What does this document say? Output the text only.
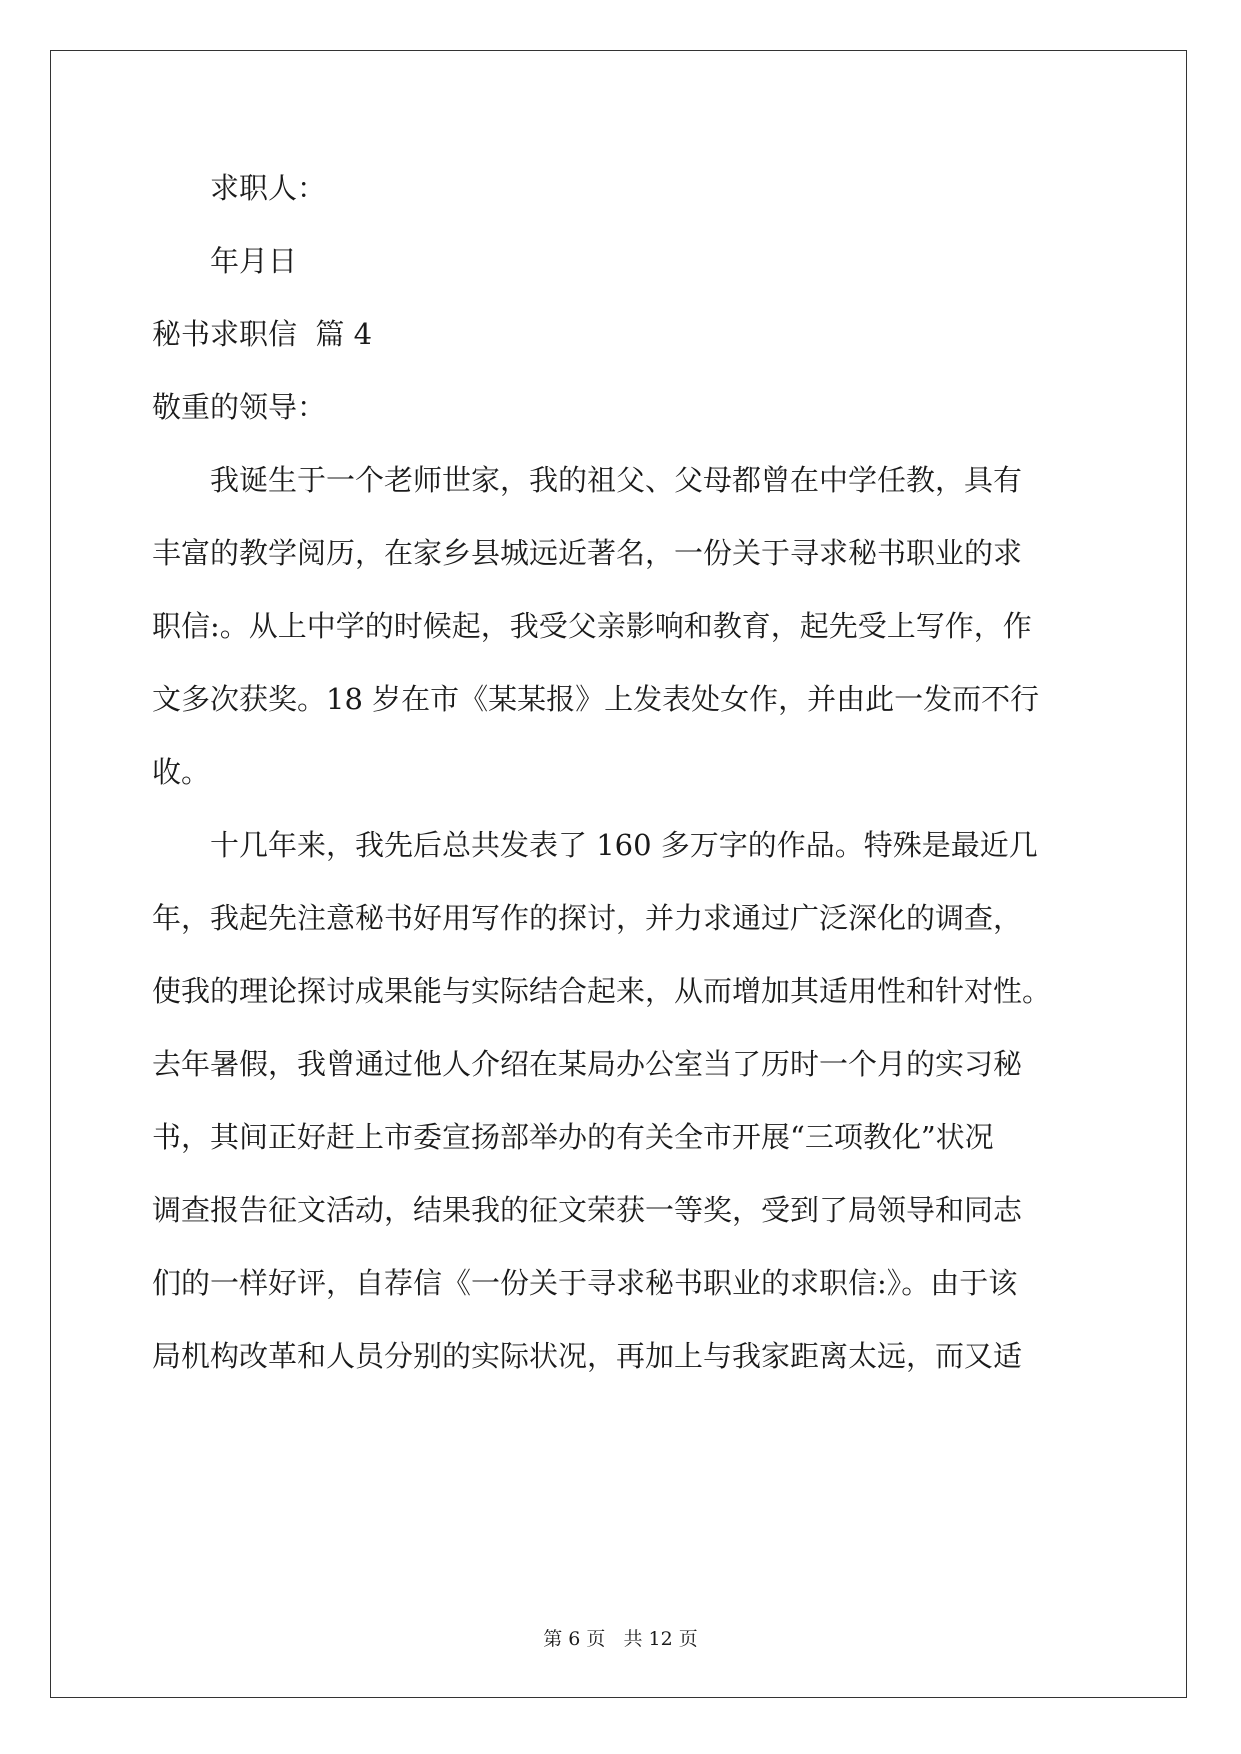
求职人：
年月日
秘书求职信  篇 4
敬重的领导：
我诞生于一个老师世家，我的祖父、父母都曾在中学任教，具有
丰富的教学阅历，在家乡县城远近著名，一份关于寻求秘书职业的求
职信:。从上中学的时候起，我受父亲影响和教育，起先受上写作，作
文多次获奖。18 岁在市《某某报》上发表处女作，并由此一发而不行
收。
十几年来，我先后总共发表了 160 多万字的作品。特殊是最近几
年，我起先注意秘书好用写作的探讨，并力求通过广泛深化的调查，
使我的理论探讨成果能与实际结合起来，从而增加其适用性和针对性。
去年暑假，我曾通过他人介绍在某局办公室当了历时一个月的实习秘
书，其间正好赶上市委宣扬部举办的有关全市开展“三项教化”状况
调查报告征文活动，结果我的征文荣获一等奖，受到了局领导和同志
们的一样好评，自荐信《一份关于寻求秘书职业的求职信:》。由于该
局机构改革和人员分别的实际状况，再加上与我家距离太远，而又适
第 6 页 共 12 页
